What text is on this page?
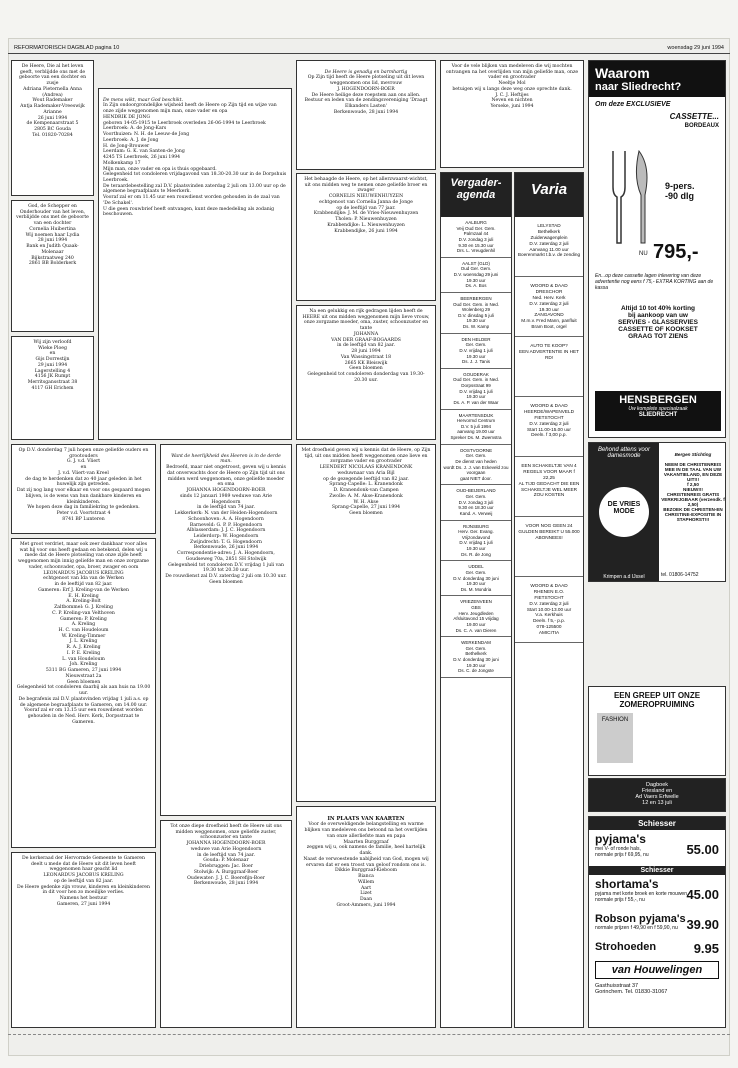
REFORMATORISCH DAGBLAD pagina 10	woensdag 29 juni 1994
De Heere, Die al het leven geeft, verblijdde ons met de geboorte van een dochter en zusje
Adriana Pieternella Anna
(Andrea)
Wout Rademaker
Antja Rademaker-Vreeswijk
Arianne
26 juni 1994
de Kempenaarstraat 5
2805 BC Gouda
Tel. 01820-70284
God, de Schepper en Onderhouder van het leven, verblijdde ons met de geboorte van een dochter
Cornelia Huibertina
Wij noemen haar Lydia
28 juni 1994
Bank en Judith Quaak-Molenaar
Bijkstraatweg 240
2861 BB Bolderkerk
Wij zijn verloofd
Wieke Ploeg
en
Gijs Dorrestijn
29 juni 1994
Lagerstelling 4
4156 JK Rumpt
Merritsgansstraat 38
4117 GH Erichem

De mens wikt, maar God beschikt.
In Zijn ondoorgrondelijke wijsheid heeft de Heere op Zijn tijd en wijze van onze zijde weggenomen mijn man, onze vader en opa
HENDRIK DE JONG
geboren 14-05-1915 te Leerbroek overleden 26-06-1994 te Leerbroek
Leerbroek: A. de Jong-Kars
Voorthuizen: N. H. de Leeuw-de Jong
Leerbroek: A. J. de Jong
H. de Jong-Brouwer
Leerdam: G. K. van Santen-de Jong
4245 TS Leerbroek, 26 juni 1994
Molkenkamp 17
Mijn man, onze vader en opa is thuis opgebaard.
Gelegenheid tot condoleren vrijdagavond van 18.30-20.30 uur in de Dorpshuis Leerbroek.
De teraardebestelling zal D.V. plaatsvinden zaterdag 2 juli om 13.00 uur op de algemene begraafplaats te Meerkerk.
Vooraf zal er om 11.45 uur een rouwdienst worden gehouden in de zaal van 'De Schakel'.
U die geen rouwbrief heeft ontvangen, kunt deze mededeling als zodanig beschouwen.

De Heere is genadig en barmhartig
Op Zijn tijd heeft de Heere plotseling uit dit leven weggenomen ons lid, mevrouw
J. HOGENDOORN-BOER
De Heere heilige deze roepstem aan ons allen.
Bestuur en leden van de zendingsvereniging 'Draagt Elkanders Lasten'
Berkenwoude, 28 juni 1994

Het behaagde de Heere, op het allerzwaarst-wichtst, uit ons midden weg te nemen onze geliefde broer en zwager
CORNELIS NIEUWENHUYZEN
echtgenoot van Cornelia Janna de Jonge
op de leeftijd van 77 jaar.
Krabbendijke: J. M. de Vries-Nieuwenhuyzen
Tholen: P. Nieuwenhuyzen
Krabbendijke: L. Nieuwenhuyzen
Krabbendijke, 26 juni 1994
Na een gelukkig en rijk gedragen lijden heeft de HEERE uit ons midden weggenomen mijn lieve vrouw, onze zorgzame moeder, oma, zuster, schoonzuster en tante
JOHANNA
VAN DER GRAAF-BOGAARDS
in de leeftijd van 82 jaar.
28 juni 1994
Van Wassingstraat 18
2665 KK Bleiswijk
Geen bloemen
Gelegenheid tot condoleren donderdag van 19.30-20.30 uur.
Voor de vele blijken van medeleven die wij mochten ontvangen na het overlijden van mijn geliefde man, onze vader en grootvader
Neeltje Mol
betuigen wij u langs deze weg onze oprechte dank.
J. C. J. Heftijes
Neven en nichten
Yerseke, juni 1994
Waarom
naar Sliedrecht?
Om deze EXCLUSIEVE
CASSETTE...
BORDEAUX
9-pers.
-90 dlg
NU 795,-
En...op deze cassette lagen inlevering van deze advertentie nog eens f 75,- EXTRA KORTING aan de kassa
Altijd 10 tot 40% korting
bij aankoop van uw
SERVIES - GLASSERVIES
CASSETTE OF KOOKSET
GRAAG TOT ZIENS
HENSBERGEN
Uw komplete speciaalzaak
SLIEDRECHT
Op D.V. donderdag 7 juli hopen onze geliefde ouders en grootouders
G. J. v.d. Vliert
en
J. v.d. Vliert-van Kreel
de dag te herdenken dat zo 40 jaar geleden in het huwelijk zijn getreden.
Dat zij nog lang voor elkaar en voor ons gespaard mogen blijven, is de wens van hun dankbare kinderen en kleinkinderen.
We hopen deze dag in familiekring te gedenken.
Peter v.d. Voortstraat 4
8741 BP Lunteren
Met groot verdriet, maar ook zeer dankbaar voor alles wat hij voor ons heeft gedaan en betekend, delen wij u mede dat de Heere plotseling van onze zijde heeft weggenomen mijn innig geliefde man en onze zorgzame vader, schoonvader, opa, broer, zwager en oom
LEONARDUS JACOBUS KRELING
echtgenoot van Ida van de Werken
in de leeftijd van 82 jaar.
Gameren: Erf J. Kreling-van de Werken
E. H. Kreling
A. Kreling-Bolt
Zaltbommel: G. J. Kreling
C. P. Kreling-van Velthoven
Gameren: P. Kreling
A. Kreling
H. C. van Houdeloum
W. Kreling-Timmer
J. L. Kreling
R. A. J. Kreling
I. P. E. Kreling
L. van Houdeloum
Joh. Kreling
5311 BG Gameren, 27 juni 1994
Nieuwstraat 2a
Geen bloemen
Gelegenheid tot condoleren daarbij als aan huis na 19.00 uur.
De begrafenis zal D.V. plaatsvinden vrijdag 1 juli a.s. op de algemene begraafplaats te Gameren, om 14.00 uur.
Vooraf zal er om 13.15 uur een rouwdienst worden gehouden in de Ned. Herv. Kerk, Dorpsstraat te Gameren.
De kerkeraad der Hervormde Gemeente te Gameren deelt u mede dat de Heere uit dit leven heeft weggenomen haar geacht lid
LEONARDUS JACOBUS KRELING
op de leeftijd van 82 jaar.
De Heere gedenke zijn vrouw, kinderen en kleinkinderen in dit voor hen zo moeilijke verlies.
Namens het bestuur
Gameren, 27 juni 1994

Want de heerlijkheid des Heeren is in de derde man.
Bedroefd, maar niet ongetroost, geven wij u kennis dat onverwachts door de Heere op Zijn tijd uit ons midden werd weggenomen, onze geliefde moeder en oma
JOHANNA HOGENDOORN-BOER
sinds 12 januari 1989 weduwe van Arie Hogendoorn
in de leeftijd van 74 jaar.
Lekkerkerk: N. van der Heiden-Hogendoorn
Schoonhoven: A. A. Hogendoorn
Barneveld: G. P. P. Hogendoorn
Alblasserdam: J. J. C. Hogendoorn
Leiderdorp: W. Hogendoorn
Zwijndrecht: T. G. Hogendoorn
Berkenwoude, 26 juni 1994
Correspondentie-adres: J. A. Hogendoorn, Goudseweg 70a, 2851 SH Stolwijk
Gelegenheid tot condoleren D.V. vrijdag 1 juli van 19.30 tot 20.30 uur.
De rouwdienst zal D.V. zaterdag 2 juli om 10.30 uur.
Geen bloemen

Tot onze diepe droefheid heeft de Heere uit ons midden weggenomen, onze geliefde zuster, schoonzuster en tante
JOHANNA HOGENDOORN-BOER
weduwe van Arie Hogendoorn
in de leeftijd van 74 jaar.
Gouda: P. Molenaar
Driebruggen: Jac. Boer
Stolwijk: A. Burggraaf-Boer
Oudewater: J. J. C. Boerefijn-Boer
Berkenwoude, 28 juni 1994
Met droefheid geven wij u kennis dat de Heere, op Zijn tijd, uit ons midden heeft weggenomen onze lieve en zorgzame vader en grootvader
LEENDERT NICOLAAS KRANENDONK
weduwnaar van Aria Bijl
op de gezegende leeftijd van 82 jaar.
Sprang-Capelle: L. Kranendonk
D. Kranendonk-van Campen
Zwolle: A. M. Akse-Kranendonk
W. H. Akse
Sprang-Capelle, 27 juni 1994
Geen bloemen

IN PLAATS VAN KAARTEN
Voor de overweldigende belangstelling en warme blijken van medeleven ons betoond na het overlijden van onze allerliefste man en papa
Maarten Burggraaf
zeggen wij u, ook namens de familie, heel hartelijk dank.
Naast de verwoestende nabijheid van God, mogen wij ervaren dat er een troost van geloof rondom ons is.
Dikkie Burggraaf-Kieboom
Bianca
Willem
Aart
Lizet
Daan
Groot-Ammers, juni 1994

Vergader-agenda
AALBURG
Veij Oud Ger. Gem.
Palmzaal 44
D.V. zondag 3 juli
9.30 en 15.30 uur
Drs. L. Vreugdenhil
AALST (GLD)
Oud Ger. Gem.
D.V. woensdag 29 juni
19.30 uur
Ds. A. Bos
BEERBERGEN
Oud Ger. Gem. in Ned.
Wolenberg 29
D.V. dinsdag 5 juli
19.30 uur
Ds. W. Kamp
DEN HELDER
Ger. Gem.
D.V. vrijdag 1 juli
19.30 uur
Ds. J. J. Tanis
GOUDERAK
Oud Ger. Gem. in Ned.
Dorpsstraat 99
D.V. vrijdag 1 juli
19.30 uur
Ds. A. P. van der Waar
MAARTENSDIJK
Hervormd Centrum
D.V. 5 juli 1994
aanvang 19.00 uur
Spreker Ds. M. Zwemstra
OOSTVOORNE
Ger. Gem.
De dienst van heden
wordt Ds. J. J. van Eckeveld zou voorgaan
gaat NIET door.
OUD-BEIJERLAND
Ger. Gem.
D.V. zondag 3 juli
9.30 en 18.30 uur
Kand. A. Verweij
RIJNSBURG
Herv. Ger. Evang.
Vrijzondavond
D.V. vrijdag 1 juli
19.30 uur
Ds. R. de Jong
UDDEL
Ger. Gem.
D.V. donderdag 30 juni
19.30 uur
Ds. M. Mondria
VRIEZENVEEN
GBS
Herv. Jeugdleden
Afsluitavond 15 vrijdag
19.00 uur
Ds. C. A. van Dieren
WERKENDAM
Ger. Gem.
Bethelkerk
D.V. donderdag 30 juni
19.30 uur
Ds. C. de Jongste
Varia
LELYSTAD
Bethelkerk
Zuiderwagenplein
D.V. zaterdag 2 juli
Aanvang 11.00 uur
Boerenmarkt t.b.v. de zending
WOORD & DAAD
DRESCHOR
Ned. Herv. Kerk
D.V. zaterdag 2 juli
19.30 uur
ZANGAVOND
M.m.v. Fred Mann, panfluit
Bram Boot, orgel
AUTO TE KOOP?
EEN ADVERTENTIE IN HET RD!
WOORD & DAAD
HEERDE/WAPENVELD
FIETSTOCHT
D.V. zaterdag 2 juli
Start 11.00-15.00 uur
Deeln. f 3,00 p.p.
EEN SCHAKELTJE VAN 4 REGELS VOOR MAAR f 22,25
AL TIJD GEDACHT DIE EEN SCHAKELTJE WEL MEER ZOU KOSTEN
VOOR NOG GEEN 24 GULDEN BEREIKT U 55.000 ABONNEES!
WOORD & DAAD
RHENEN E.O.
FIETSTOCHT
D.V. zaterdag 2 juli
Start 10.00-13.00 uur
V.a. Kerkhuis
Deeln. f 5,- p.p.
078-125500
AMICITIA
Behond attens voor damesmode
DE VRIES MODE
Krimpen a.d IJssel

Bergen Stichting

NEEM DE CHRISTENREIS MEE IN DE TAAL VAN UW VAKANTIELAND, EN DEZE UIT!!!
f 2,50
NIEUW!!!
CHRISTENREIS GRATIS VERKRIJGBAAR (verzendk. f 2,50)
BEZOEK DE CHRISTEN-EN CHRISTINE-EXPOSITIE IN STAPHORST!!!

tel. 01806-14752
EEN GREEP UIT ONZE ZOMEROPRUIMING
FASHION
Dagboek
Friesland en
Ad Vaers Erfwelle
12 en 13 juli
Schiesser
pyjama's
mei V- of ronde hals,
normale prijs f 69,95, nu	55.00
Schiesser
shortama's
pyjama met korte broek en korte mouwen,
normale prijs f 55,-, nu	45.00
Robson pyjama's
normale prijzen f 49,90 en f 59,90, nu 39.90
Strohoeden	9.95
van Houwelingen
Gasthuisstraat 37
Gorinchem. Tel. 01830-31067
